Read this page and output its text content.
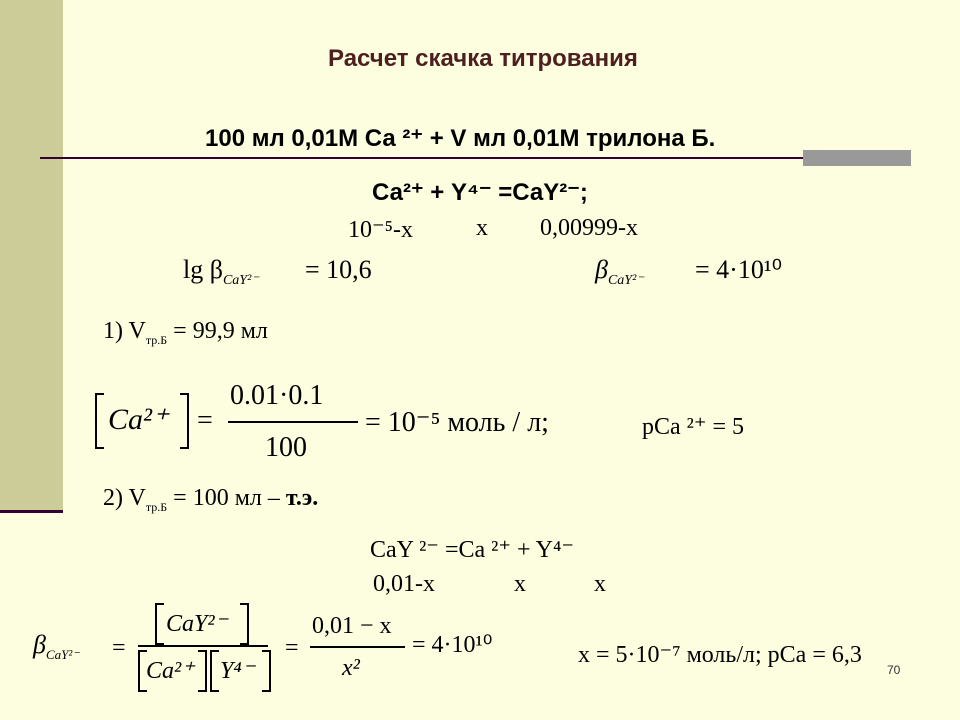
Расчет скачка титрования
100 мл 0,01М Са ²⁺ + V мл 0,01М трилона Б.
Са²⁺ + Y⁴⁻ =СаY²⁻;
10⁻⁵-x	x 0,00999-x
$\lg \beta_{CaY^{2-}} = 10,6$	$\beta_{CaY^{2-}} = 4\cdot 10^{10}$
1) $V_{тр.Б} = 99,9$ мл
Ca²⁺ =
0.01·0.1
100
= 10⁻⁵ моль / л;	рСа ²⁺ = 5
2) $V_{тр.Б} = 100$ мл – т.э.
CaY ²⁻ =Ca ²⁺ + Y⁴⁻
0,01-x	x	x
$\beta_{CaY^{2-}}$ =
CaY²⁻
Ca²⁺ Y⁴⁻
=
0,01 − x
x²
= 4·10¹⁰	x = 5·10⁻⁷ моль/л; рСа = 6,3
70
